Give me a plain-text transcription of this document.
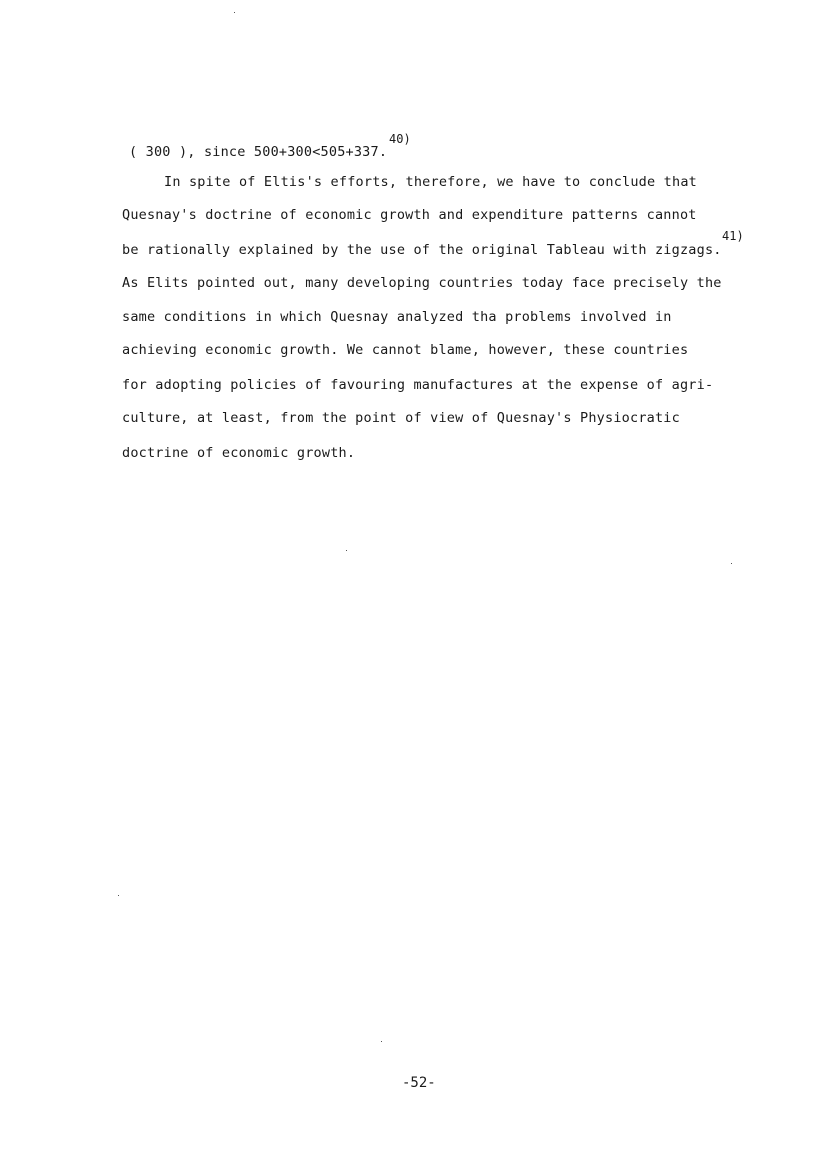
( 300 ), since 500+300<505+337.
40)
In spite of Eltis's efforts, therefore, we have to conclude that
Quesnay's doctrine of economic growth and expenditure patterns cannot
be rationally explained by the use of the original Tableau with zigzags.
41)
As Elits pointed out, many developing countries today face precisely the
same conditions in which Quesnay analyzed tha problems involved in
achieving economic growth. We cannot blame, however, these countries
for adopting policies of favouring manufactures at the expense of agri-
culture, at least, from the point of view of Quesnay's Physiocratic
doctrine of economic growth.
-52-
